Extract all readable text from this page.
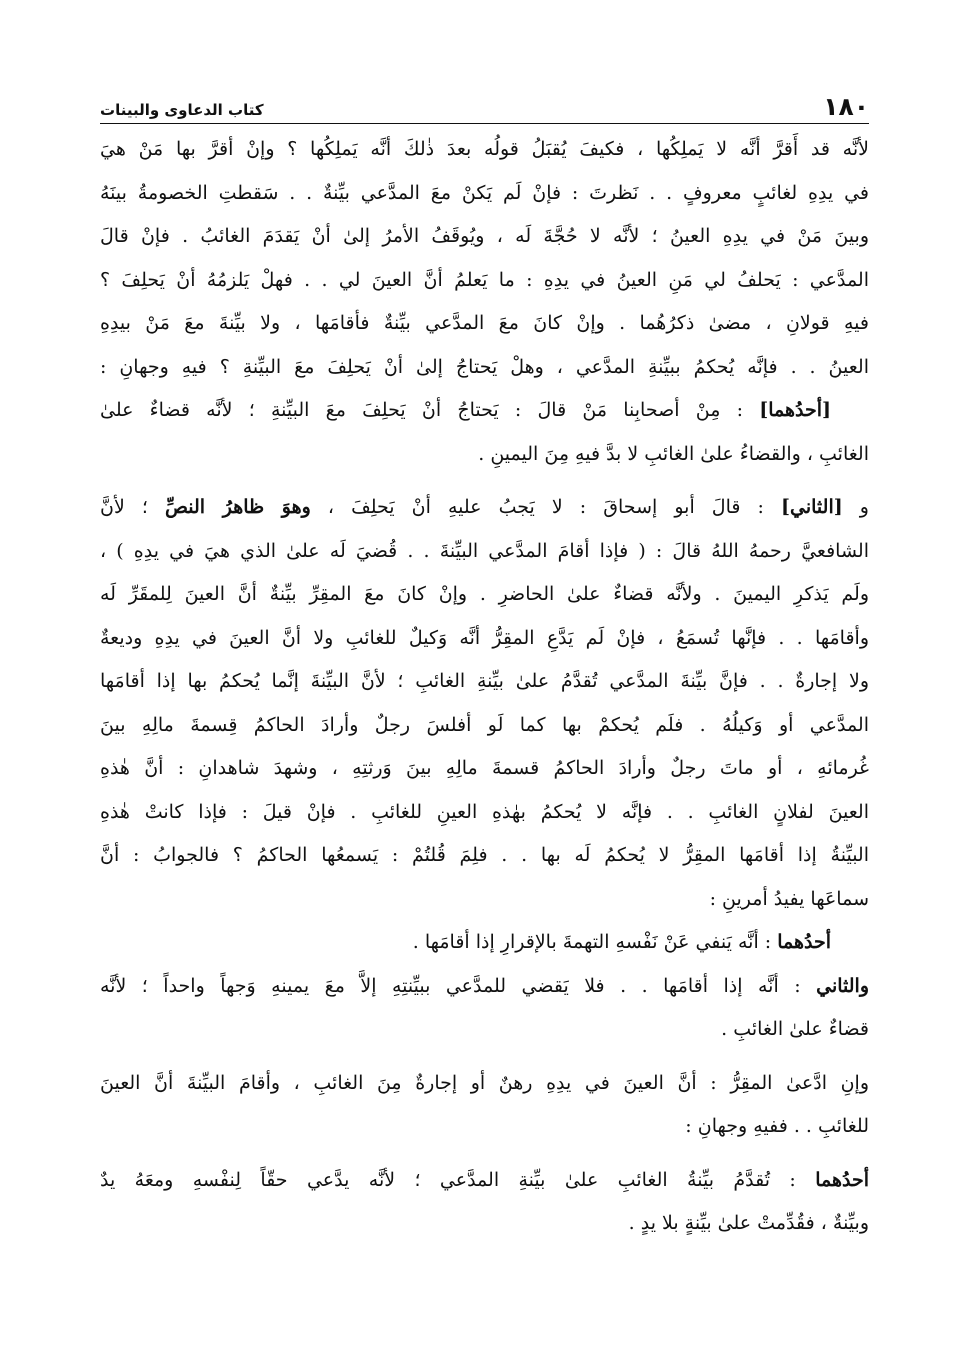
١٨٠
كتاب الدعاوى والبينات
لأنَّه قد أَقرَّ أنَّه لا يَملِكُها ، فكيفَ يُقبَلُ قولُه بعدَ ذٰلكَ أنَّه يَملِكُها ؟ وإنْ أقرَّ بها مَنْ هيَ
في يدِهِ لغائبٍ معروفٍ . . نَظرتَ : فإنْ لَم يَكنْ معَ المدَّعي بيِّنةٌ . . سَقطتِ الخصومةُ بينَهُ
وبينَ مَنْ في يدِهِ العينُ ؛ لأنَّه لا حُجَّةَ لَه ، ويُوقَفُ الأمرُ إلىٰ أنْ يَقدَمَ الغائبُ . فإنْ قالَ
المدَّعي : يَحلفُ لي مَنِ العينُ في يدِهِ : ما يَعلمُ أنَّ العينَ لي . . فهلْ يَلزمُهُ أنْ يَحلِفَ ؟
فيهِ قولانِ ، مضىٰ ذكرُهُما . وإنْ كانَ معَ المدَّعي بيِّنةٌ فأقامَها ، ولا بيِّنةَ معَ مَنْ بيدِهِ
العينُ . . فإنَّه يُحكمُ ببيِّنةِ المدَّعي ، وهلْ يَحتاجُ إلىٰ أنْ يَحلِفَ معَ البيِّنةِ ؟ فيهِ وجهانِ :
[أحدُهما] : مِنْ أصحابِنا مَنْ قالَ : يَحتاجُ أنْ يَحلِفَ معَ البيِّنةِ ؛ لأنَّه قضاءٌ علىٰ
الغائبِ ، والقضاءُ علىٰ الغائبِ لا بدَّ فيهِ مِنَ اليمينِ .
و [الثاني] : قالَ أبو إسحاقَ : لا يَجبُ عليهِ أنْ يَحلِفَ ، وهوَ ظاهرُ النصِّ ؛ لأنَّ
الشافعيَّ رحمهُ اللهُ قالَ : ( فإذا أقامَ المدَّعي البيِّنةَ . . قُضيَ لَه علىٰ الذي هيَ في يدِهِ ) ،
ولَم يَذكرِ اليمينَ . ولأنَّه قضاءٌ علىٰ الحاضرِ . وإنْ كانَ معَ المقِرِّ بيِّنةٌ أنَّ العينَ لِلمقَرِّ لَه
وأقامَها . . فإنَّها تُسمَعُ ، فإنْ لَم يَدَّعِ المقِرُّ أنَّه وَكيلٌ للغائبِ ولا أنَّ العينَ في يدِهِ وديعةٌ
ولا إجارةٌ . . فإنَّ بيِّنةَ المدَّعي تُقدَّمُ علىٰ بيِّنةِ الغائبِ ؛ لأنَّ البيِّنةَ إنَّما يُحكمُ بها إذا أقامَها
المدَّعي أو وَكيلُهُ . فلَم يُحكمْ بها كما لَو أفلسَ رجلٌ وأرادَ الحاكمُ قِسمةَ مالِهِ بينَ
غُرمائهِ ، أو ماتَ رجلٌ وأرادَ الحاكمُ قسمةَ مالِهِ بينَ وَرثتِهِ ، وشهدَ شاهدانِ : أنَّ هٰذهِ
العينَ لفلانٍ الغائبِ . . فإنَّه لا يُحكمُ بهٰذهِ العينِ للغائبِ . فإنْ قيلَ : فإذا كانتْ هٰذهِ
البيِّنةُ إذا أقامَها المقِرُّ لا يُحكمُ لَه بها . . فلِمَ قُلتُمْ : يَسمعُها الحاكمُ ؟ فالجوابُ : أنَّ
سماعَها يفيدُ أمرينِ :
أحدُهما : أنَّه يَنفي عَنْ نَفْسهِ التهمةَ بالإقرارِ إذا أقامَها .
والثاني : أنَّه إذا أقامَها . . فلا يَقضي للمدَّعي ببيِّنتِهِ إلاَّ معَ يمينهِ وَجهاً واحداً ؛ لأنَّه
قضاءٌ علىٰ الغائبِ .
وإنِ ادَّعىٰ المقِرُّ : أنَّ العينَ في يدِهِ رهنٌ أو إجارةٌ مِنَ الغائبِ ، وأقامَ البيِّنةَ أنَّ العينَ
للغائبِ . . ففيهِ وجهانِ :
أحدُهما : تُقدَّمُ بيِّنةُ الغائبِ علىٰ بيِّنةِ المدَّعي ؛ لأنَّه يدَّعي حقّاً لِنفْسهِ ومعَهُ يدٌ
وبيِّنةٌ ، فقُدِّمتْ علىٰ بيِّنةٍ بلا يدٍ .
